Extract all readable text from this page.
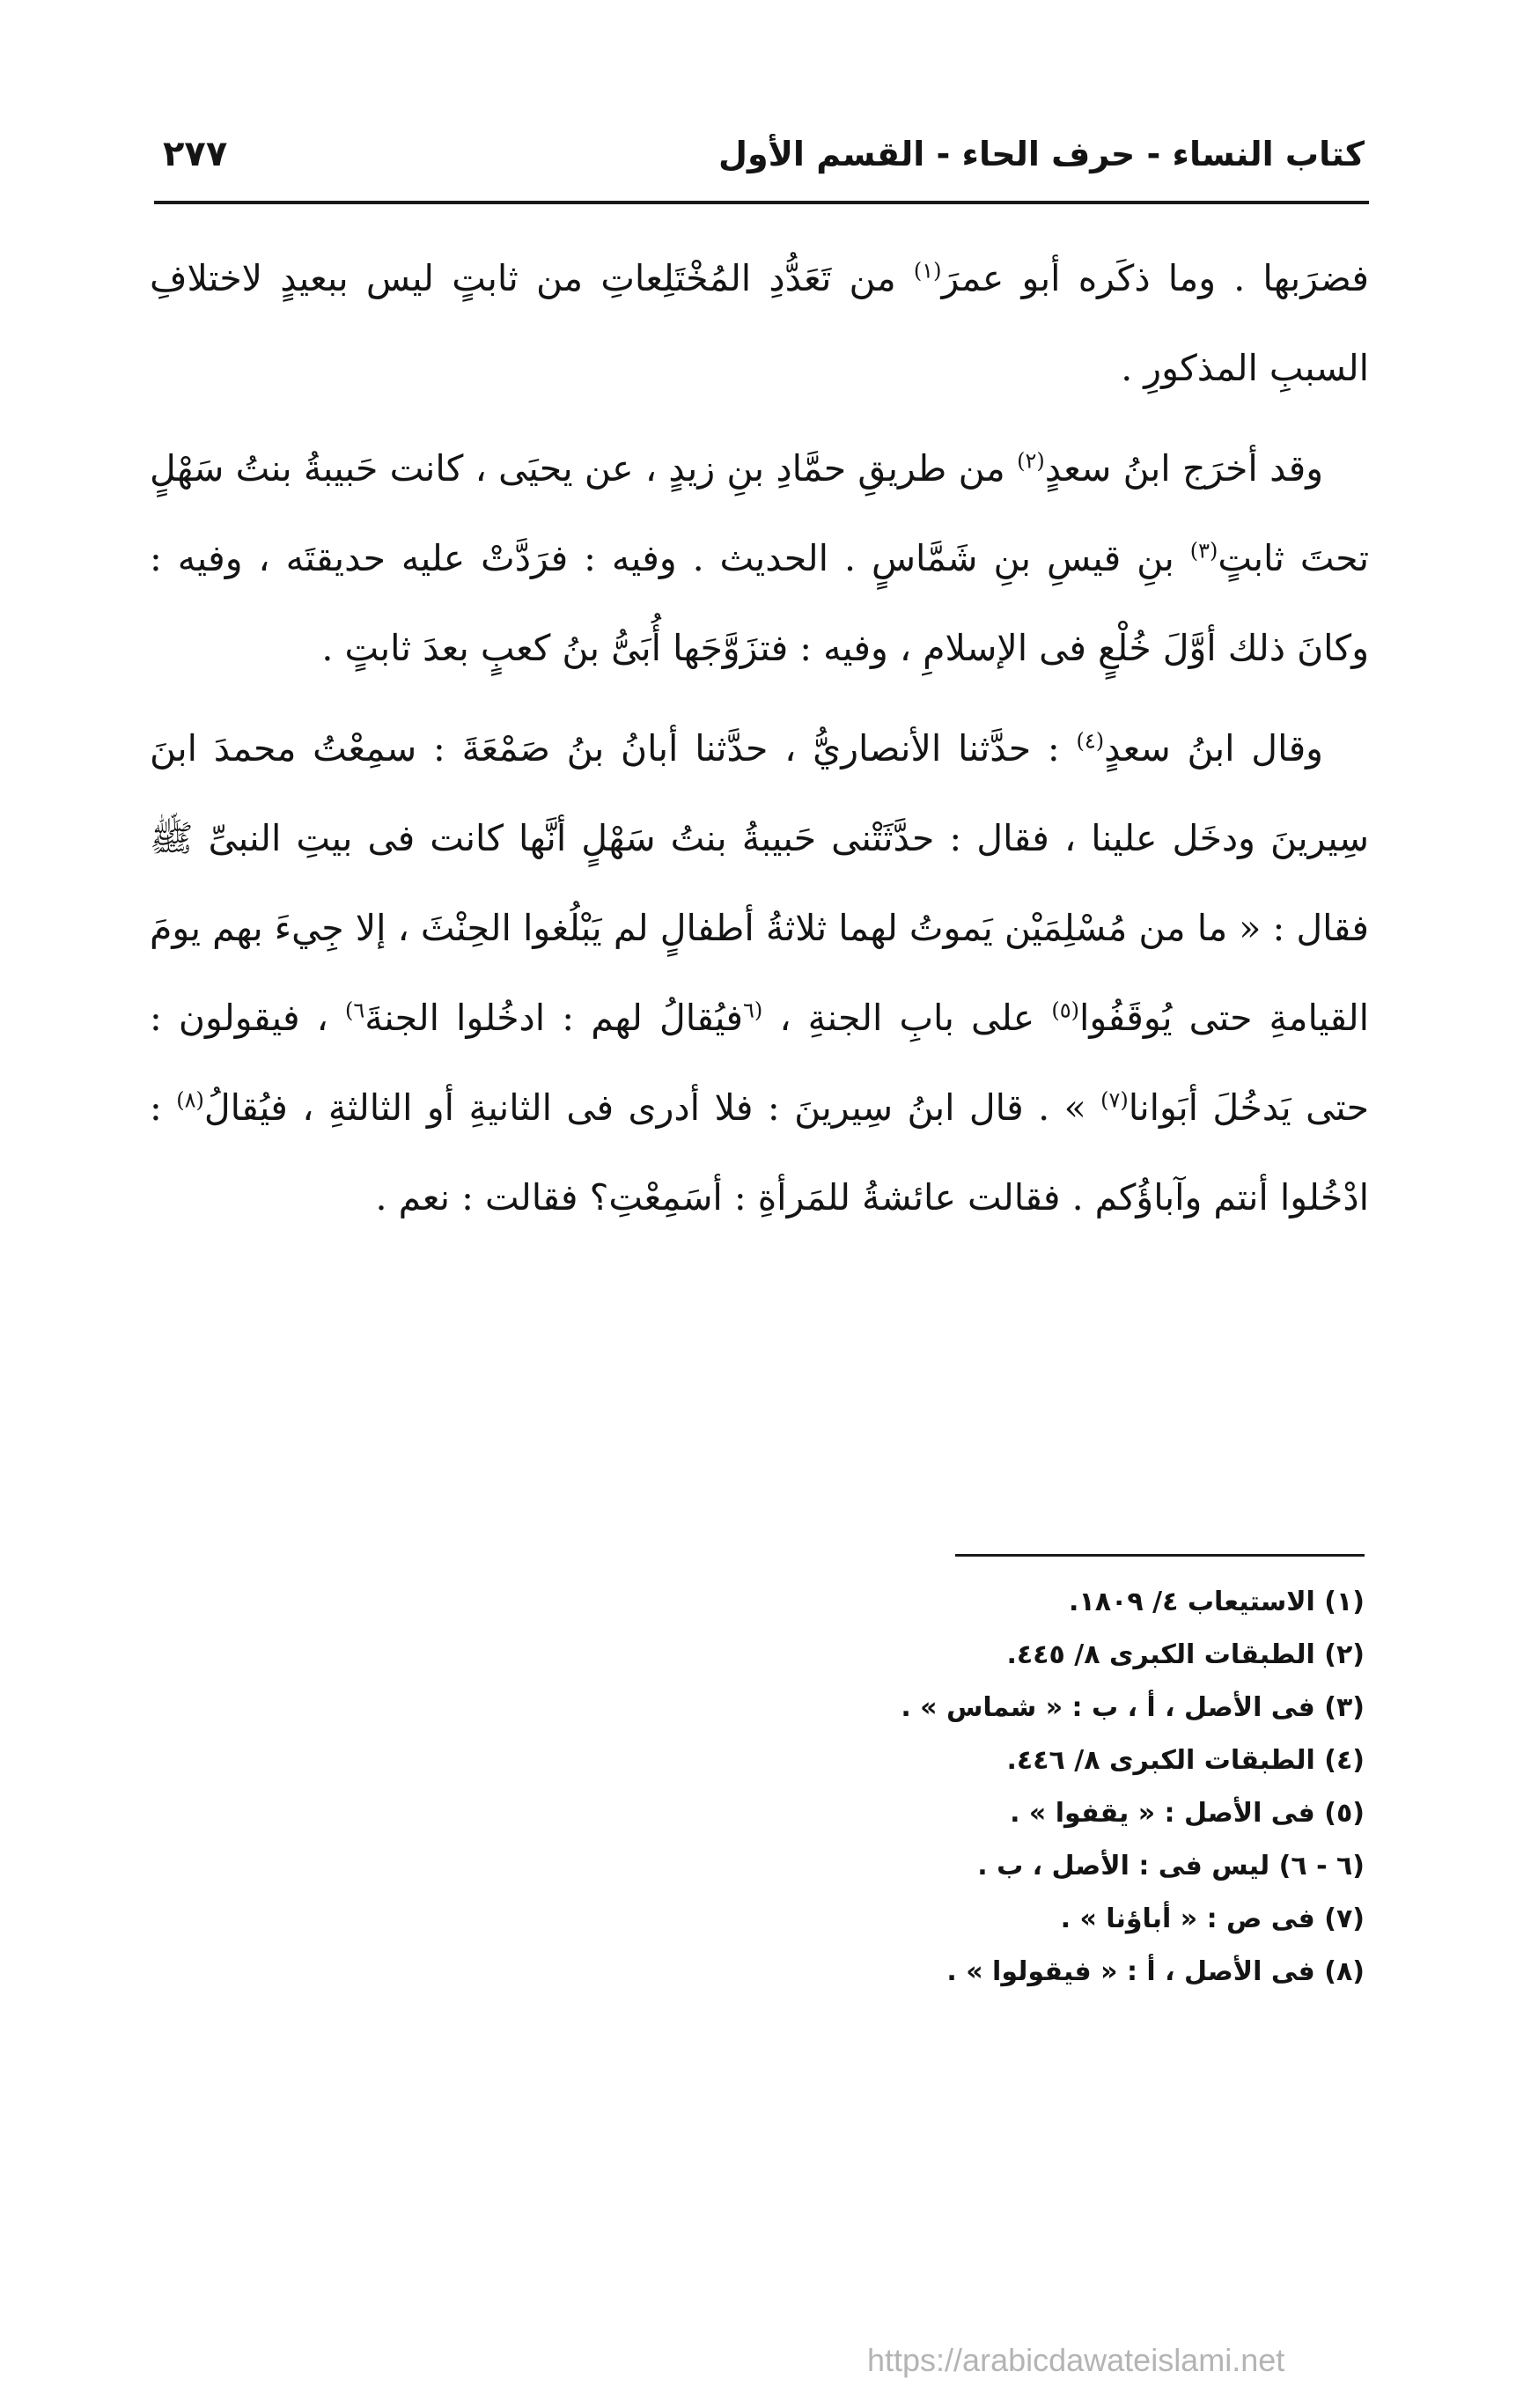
كتاب النساء - حرف الحاء - القسم الأول
٢٧٧

فضرَبها . وما ذكَره أبو عمرَ$^{(١)}$ من تَعَدُّدِ المُخْتَلِعاتِ من ثابتٍ ليس ببعيدٍ لاختلافِ السببِ المذكورِ .

وقد أخرَج ابنُ سعدٍ$^{(٢)}$ من طريقِ حمَّادِ بنِ زيدٍ ، عن يحيَى ، كانت حَبيبةُ بنتُ سَهْلٍ تحتَ ثابتٍ$^{(٣)}$ بنِ قيسِ بنِ شَمَّاسٍ . الحديث . وفيه : فرَدَّتْ عليه حديقتَه ، وفيه : وكانَ ذلك أوَّلَ خُلْعٍ فى الإسلامِ ، وفيه : فتزَوَّجَها أُبَىُّ بنُ كعبٍ بعدَ ثابتٍ .

وقال ابنُ سعدٍ$^{(٤)}$ : حدَّثنا الأنصاريُّ ، حدَّثنا أبانُ بنُ صَمْعَةَ : سمِعْتُ محمدَ ابنَ سِيرينَ ودخَل علينا ، فقال : حدَّثَتْنى حَبيبةُ بنتُ سَهْلٍ أنَّها كانت فى بيتِ النبىِّ ﷺ فقال : « ما من مُسْلِمَيْن يَموتُ لهما ثلاثةُ أطفالٍ لم يَبْلُغوا الحِنْثَ ، إلا جِيءَ بهم يومَ القيامةِ حتى يُوقَفُوا$^{(٥)}$ على بابِ الجنةِ ، $^{(٦}$فيُقالُ لهم : ادخُلوا الجنةَ$^{٦)}$ ، فيقولون : حتى يَدخُلَ أبَوانا$^{(٧)}$ » . قال ابنُ سِيرينَ : فلا أدرى فى الثانيةِ أو الثالثةِ ، فيُقالُ$^{(٨)}$ : ادْخُلوا أنتم وآباؤُكم . فقالت عائشةُ للمَرأةِ : أسَمِعْتِ؟ فقالت : نعم .

(١) الاستيعاب ٤/ ١٨٠٩.
(٢) الطبقات الكبرى ٨/ ٤٤٥.
(٣) فى الأصل ، أ ، ب : « شماس » .
(٤) الطبقات الكبرى ٨/ ٤٤٦.
(٥) فى الأصل : « يقفوا » .
(٦ - ٦) ليس فى : الأصل ، ب .
(٧) فى ص : « أباؤنا » .
(٨) فى الأصل ، أ : « فيقولوا » .
https://arabicdawateislami.net
